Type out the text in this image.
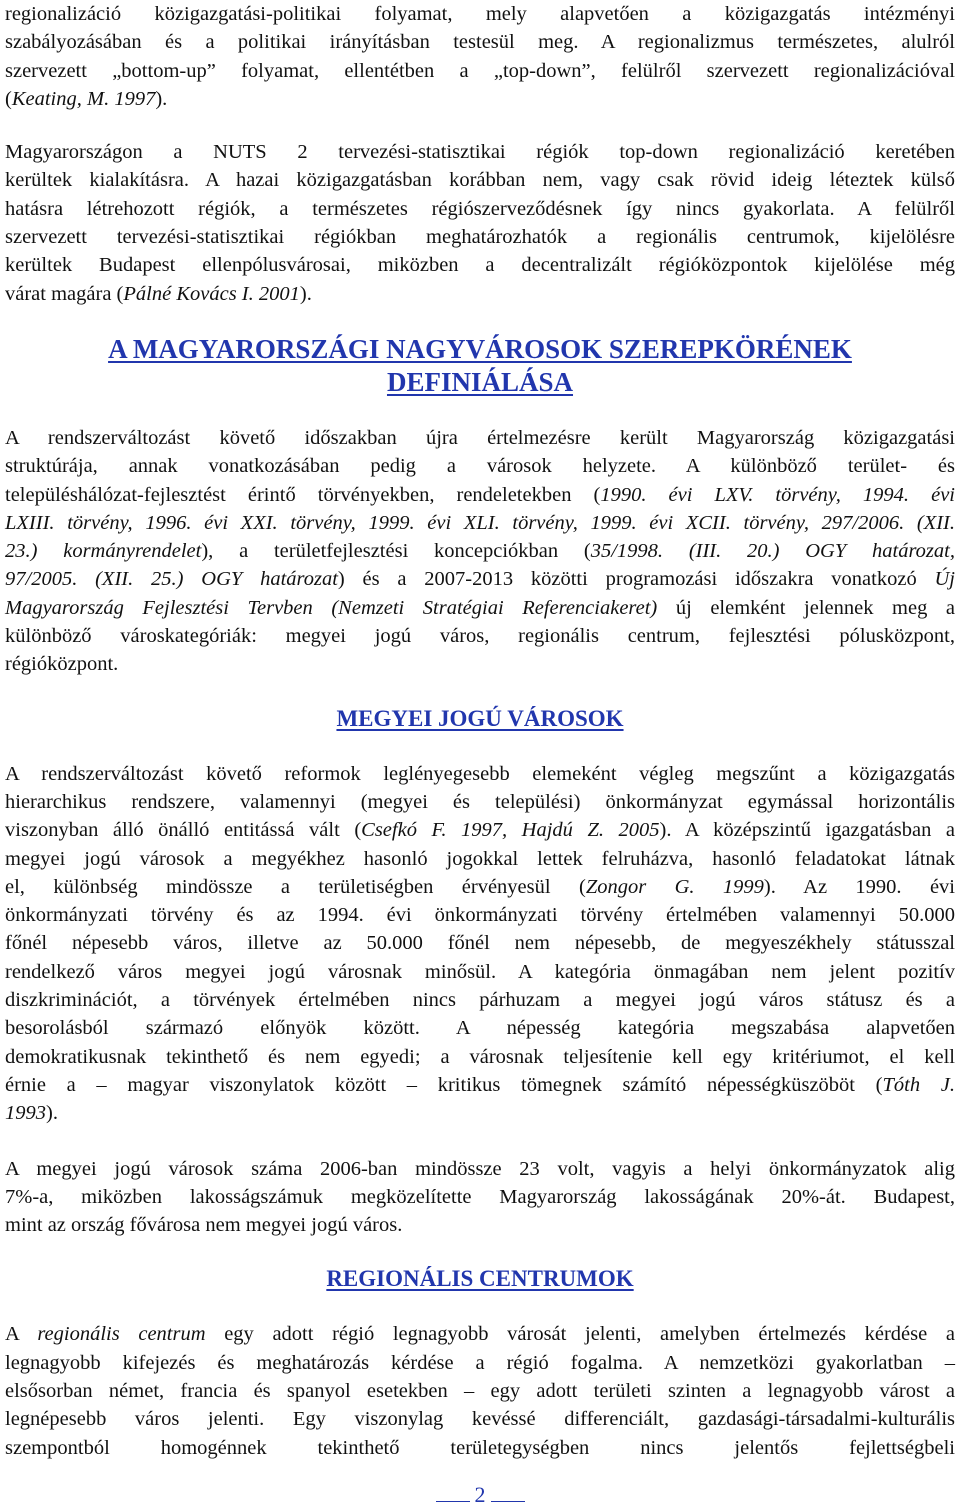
regionalizáció közigazgatási-politikai folyamat, mely alapvetően a közigazgatás intézményi
szabályozásában és a politikai irányításban testesül meg. A regionalizmus természetes, alulról
szervezett „bottom-up” folyamat, ellentétben a „top-down”, felülről szervezett regionalizációval
(Keating, M. 1997).

Magyarországon a NUTS 2 tervezési-statisztikai régiók top-down regionalizáció keretében
kerültek kialakításra. A hazai közigazgatásban korábban nem, vagy csak rövid ideig léteztek külső
hatásra létrehozott régiók, a természetes régiószerveződésnek így nincs gyakorlata. A felülről
szervezett tervezési-statisztikai régiókban meghatározhatók a regionális centrumok, kijelölésre
kerültek Budapest ellenpólusvárosai, miközben a decentralizált régióközpontok kijelölése még
várat magára (Pálné Kovács I. 2001).

A MAGYARORSZÁGI NAGYVÁROSOK SZEREPKÖRÉNEK
DEFINIÁLÁSA

A rendszerváltozást követő időszakban újra értelmezésre került Magyarország közigazgatási
struktúrája, annak vonatkozásában pedig a városok helyzete. A különböző terület- és
településhálózat-fejlesztést érintő törvényekben, rendeletekben (1990. évi LXV. törvény, 1994. évi
LXIII. törvény, 1996. évi XXI. törvény, 1999. évi XLI. törvény, 1999. évi XCII. törvény, 297/2006. (XII.
23.) kormányrendelet), a területfejlesztési koncepciókban (35/1998. (III. 20.) OGY határozat,
97/2005. (XII. 25.) OGY határozat) és a 2007-2013 közötti programozási időszakra vonatkozó Új
Magyarország Fejlesztési Tervben (Nemzeti Stratégiai Referenciakeret) új elemként jelennek meg a
különböző városkategóriák: megyei jogú város, regionális centrum, fejlesztési pólusközpont,
régióközpont.

MEGYEI JOGÚ VÁROSOK

A rendszerváltozást követő reformok leglényegesebb elemeként végleg megszűnt a közigazgatás
hierarchikus rendszere, valamennyi (megyei és települési) önkormányzat egymással horizontális
viszonyban álló önálló entitássá vált (Csefkó F. 1997, Hajdú Z. 2005). A középszintű igazgatásban a
megyei jogú városok a megyékhez hasonló jogokkal lettek felruházva, hasonló feladatokat látnak
el, különbség mindössze a területiségben érvényesül (Zongor G. 1999). Az 1990. évi
önkormányzati törvény és az 1994. évi önkormányzati törvény értelmében valamennyi 50.000
főnél népesebb város, illetve az 50.000 főnél nem népesebb, de megyeszékhely státusszal
rendelkező város megyei jogú városnak minősül. A kategória önmagában nem jelent pozitív
diszkriminációt, a törvények értelmében nincs párhuzam a megyei jogú város státusz és a
besorolásból származó előnyök között. A népesség kategória megszabása alapvetően
demokratikusnak tekinthető és nem egyedi; a városnak teljesítenie kell egy kritériumot, el kell
érnie a – magyar viszonylatok között – kritikus tömegnek számító népességküszöböt (Tóth J.
1993).

A megyei jogú városok száma 2006-ban mindössze 23 volt, vagyis a helyi önkormányzatok alig
7%-a, miközben lakosságszámuk megközelítette Magyarország lakosságának 20%-át. Budapest,
mint az ország fővárosa nem megyei jogú város.

REGIONÁLIS CENTRUMOK

A regionális centrum egy adott régió legnagyobb városát jelenti, amelyben értelmezés kérdése a
legnagyobb kifejezés és meghatározás kérdése a régió fogalma. A nemzetközi gyakorlatban –
elsősorban német, francia és spanyol esetekben – egy adott területi szinten a legnagyobb várost a
legnépesebb város jelenti. Egy viszonylag kevéssé differenciált, gazdasági-társadalmi-kulturális
szempontból homogénnek tekinthető területegységben nincs jelentős fejlettségbeli

2
